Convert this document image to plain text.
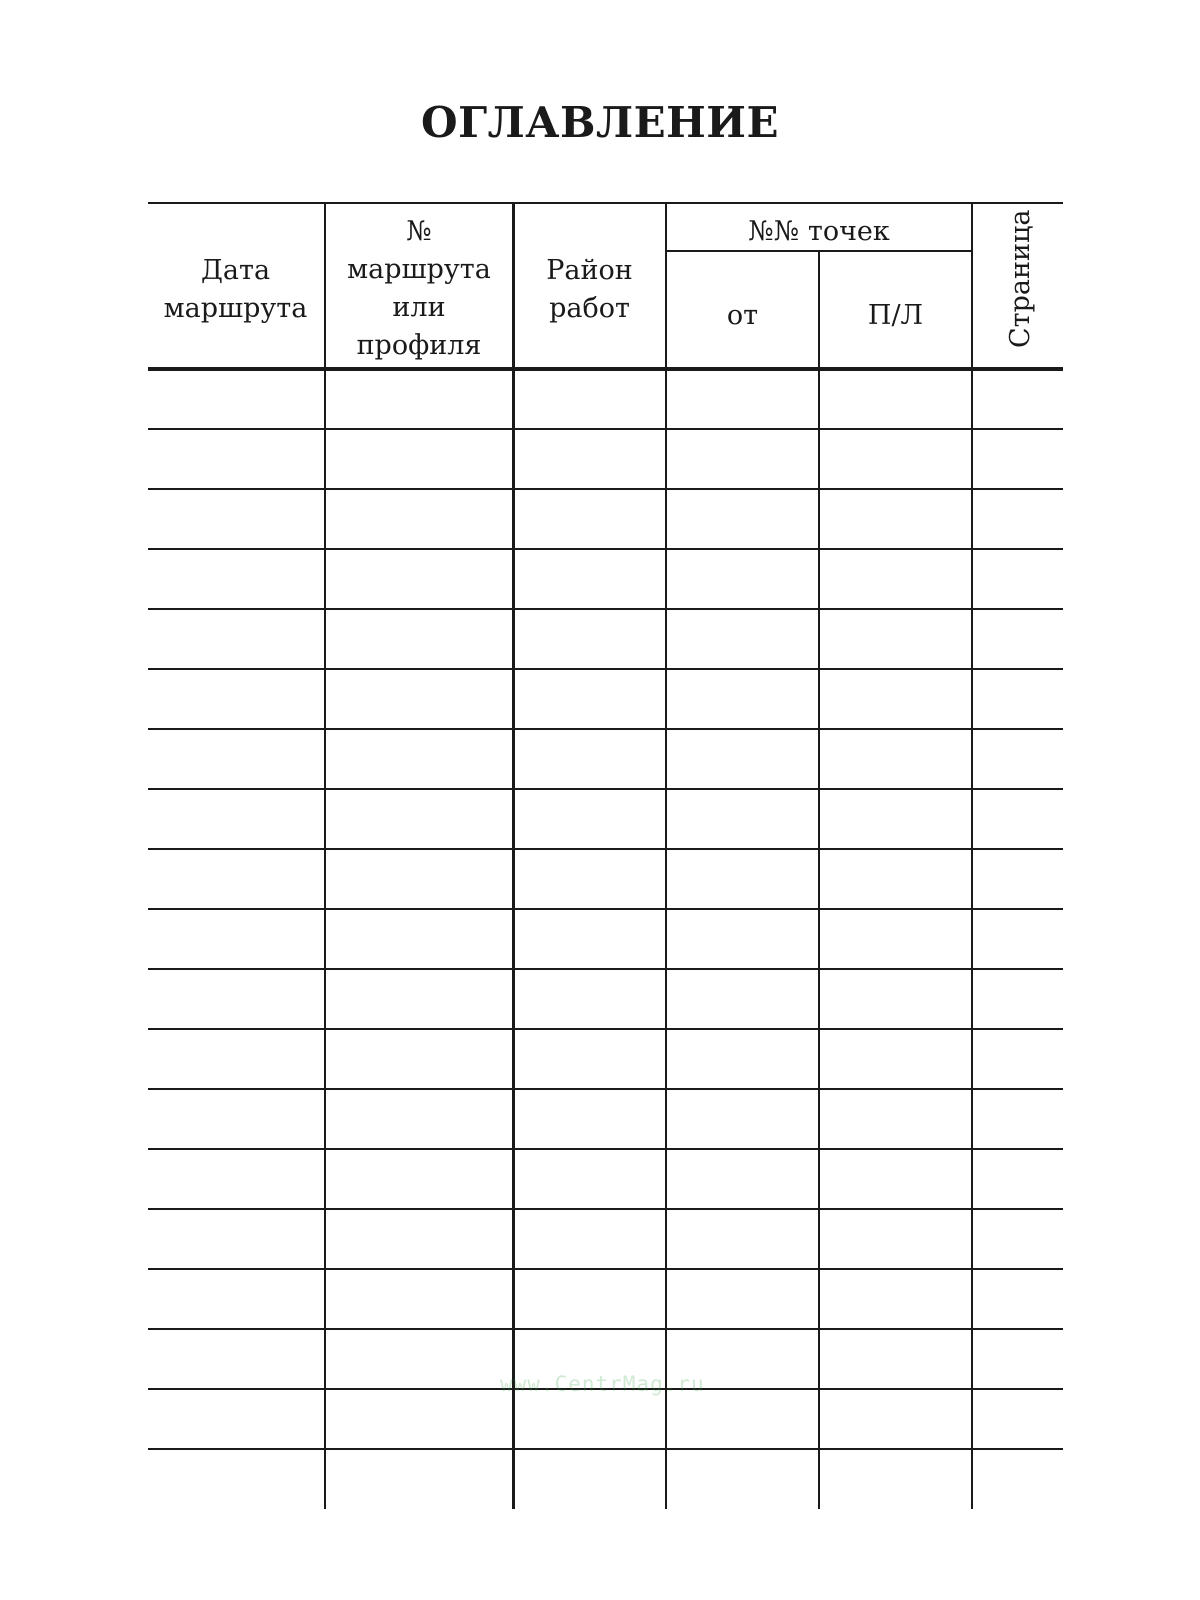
ОГЛАВЛЕНИЕ
Дата
маршрута
№
маршрута
или
профиля
Район
работ
№№ точек
от	П/Л	Страница
www.CentrMag.ru
